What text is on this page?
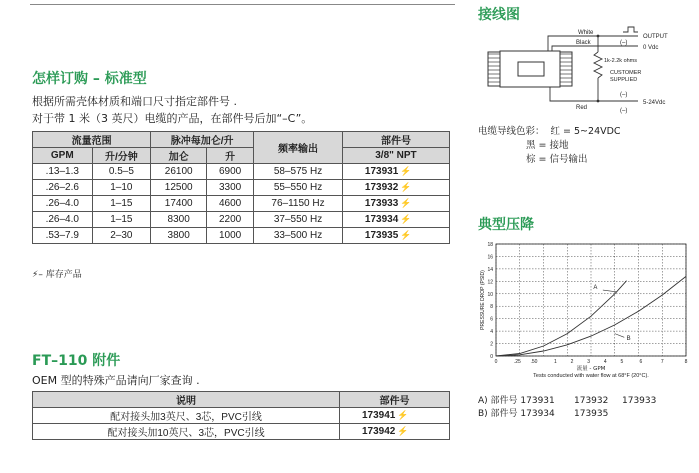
怎样订购 – 标准型
根据所需壳体材质和端口尺寸指定部件号 .
对于带 1 米（3 英尺）电缆的产品，在部件号后加“–C”。
流量范围		脉冲每加仑/升		频率输出	部件号
GPM	升/分钟	加仑	升		3/8" NPT
.13–1.3	0.5–5	26100	6900	58–575 Hz	173931 ⚡
.26–2.6	1–10	12500	3300	55–550 Hz	173932 ⚡
.26–4.0	1–15	17400	4600	76–1150 Hz	173933 ⚡
.26–4.0	1–15	8300	2200	37–550 Hz	173934 ⚡
.53–7.9	2–30	3800	1000	33–500 Hz	173935 ⚡
⚡– 库存产品
FT–110 附件
OEM 型的特殊产品请向厂家查询 .
说明	部件号
配对接头加3英尺、3芯，PVC引线	173941 ⚡
配对接头加10英尺、3芯，PVC引线	173942 ⚡
接线图
White
Black
Red
OUTPUT
0 Vdc
(–)
1k-2.2k ohms
CUSTOMER
SUPPLIED
(–)
(–)
5-24Vdc
电缆导线色彩： 红 = 5~24VDC
黑 = 接地
棕 = 信号输出
典型压降
0
2
4
6
8
10
12
14
16
18
0	.25 .50	1	2	3	4	5	6	7	8
A
B
PRESSURE DROP (PSID)
流量 - GPM
Tests conducted with water flow at 68°F (20°C).
A) 部件号 173931 173932 173933
B) 部件号 173934 173935
